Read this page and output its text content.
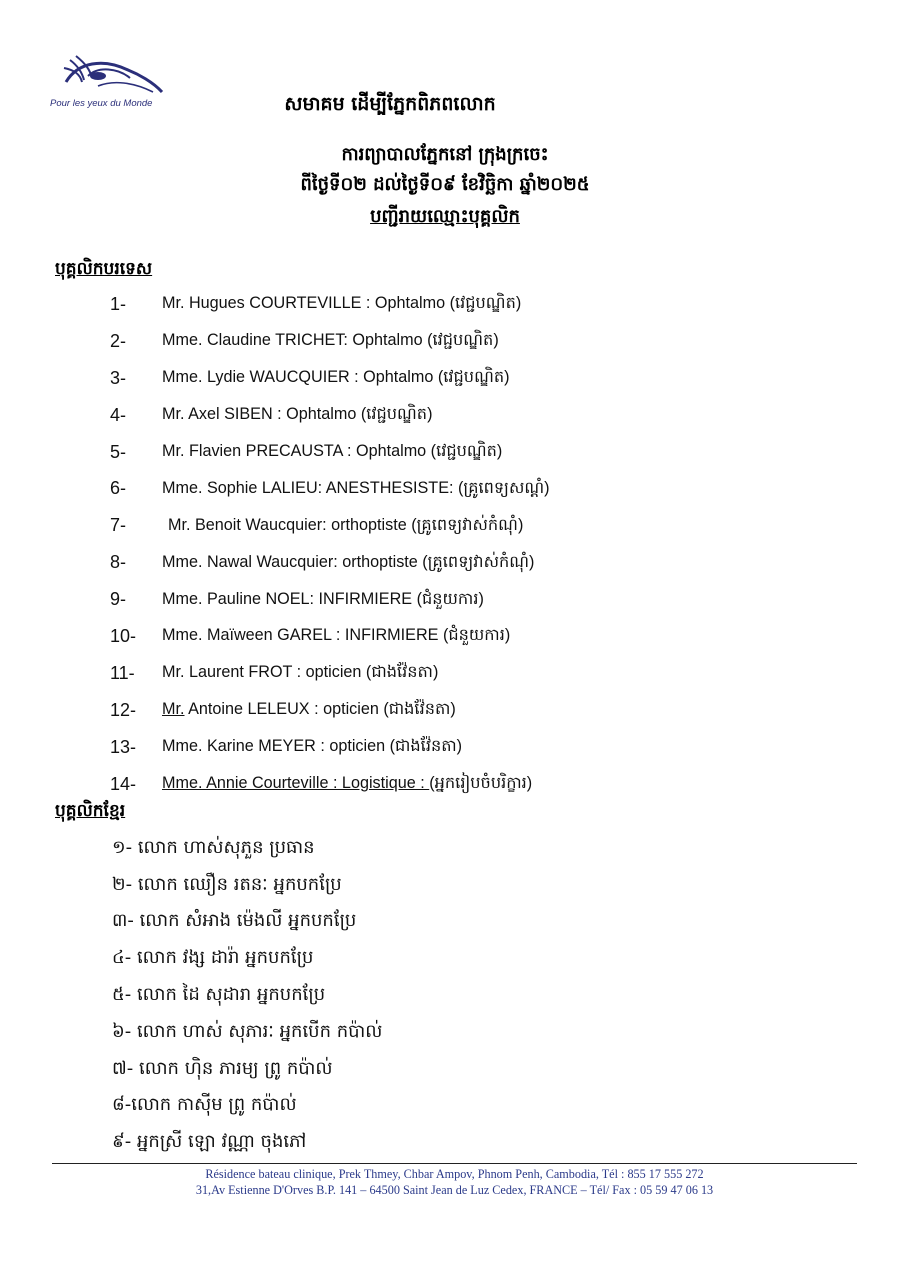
Pour les yeux du Monde	សមាគម ដើម្បីភ្នែកពិភពលោក
ការព្យាបាលភ្នែកនៅ ក្រុងក្រចេះ
ពីថ្ងៃទី០២ ដល់ថ្ងៃទី០៩ ខែវិច្ឆិកា ឆ្នាំ២០២៥
បញ្ជីរាយឈ្មោះបុគ្គលិក
បុគ្គលិកបរទេស
1-	Mr. Hugues COURTEVILLE : Ophtalmo (វេជ្ជបណ្ឌិត)
2-	Mme. Claudine TRICHET: Ophtalmo (វេជ្ជបណ្ឌិត)
3-	Mme. Lydie WAUCQUIER : Ophtalmo (វេជ្ជបណ្ឌិត)
4-	Mr. Axel SIBEN : Ophtalmo (វេជ្ជបណ្ឌិត)
5-	Mr. Flavien PRECAUSTA : Ophtalmo (វេជ្ជបណ្ឌិត)
6-	Mme. Sophie LALIEU: ANESTHESISTE: (គ្រូពេទ្យសណ្តំ)
7-	Mr. Benoit Waucquier: orthoptiste (គ្រូពេទ្យវាស់កំណុំ)
8-	Mme. Nawal Waucquier: orthoptiste (គ្រូពេទ្យវាស់កំណុំ)
9-	Mme. Pauline NOEL: INFIRMIERE (ជំនួយការ)
10-	Mme. Maïween GAREL : INFIRMIERE (ជំនួយការ)
11-	Mr. Laurent FROT : opticien (ជាងវ៉ែនតា)
12-	Mr. Antoine LELEUX : opticien (ជាងវ៉ែនតា)
13-	Mme. Karine MEYER : opticien (ជាងវ៉ែនតា)
14-	Mme. Annie Courteville : Logistique : (អ្នករៀបចំបរិក្ខារ)
បុគ្គលិកខ្មែរ
១- លោក ហាស់សុភួន ប្រធាន
២- លោក ឈឿន រតនៈ អ្នកបកប្រែ
៣- លោក សំអាង ម៉េងលី អ្នកបកប្រែ
៤- លោក វង្ស ដារ៉ា អ្នកបកប្រែ
៥- លោក ដៃ សុដារា អ្នកបកប្រែ
៦- លោក ហាស់ សុភារៈ អ្នកបើក កប៉ាល់
៧- លោក ហ៊ិន ភារម្យ ព្រូ កប៉ាល់
៨-លោក កាស៊ីម ព្រូ កប៉ាល់
៩- អ្នកស្រី ឡោ វណ្ណា ចុងភៅ
Résidence bateau clinique, Prek Thmey, Chbar Ampov, Phnom Penh, Cambodia, Tél : 855 17 555 272
31,Av Estienne D'Orves B.P. 141 – 64500 Saint Jean de Luz Cedex, FRANCE – Tél/ Fax : 05 59 47 06 13
